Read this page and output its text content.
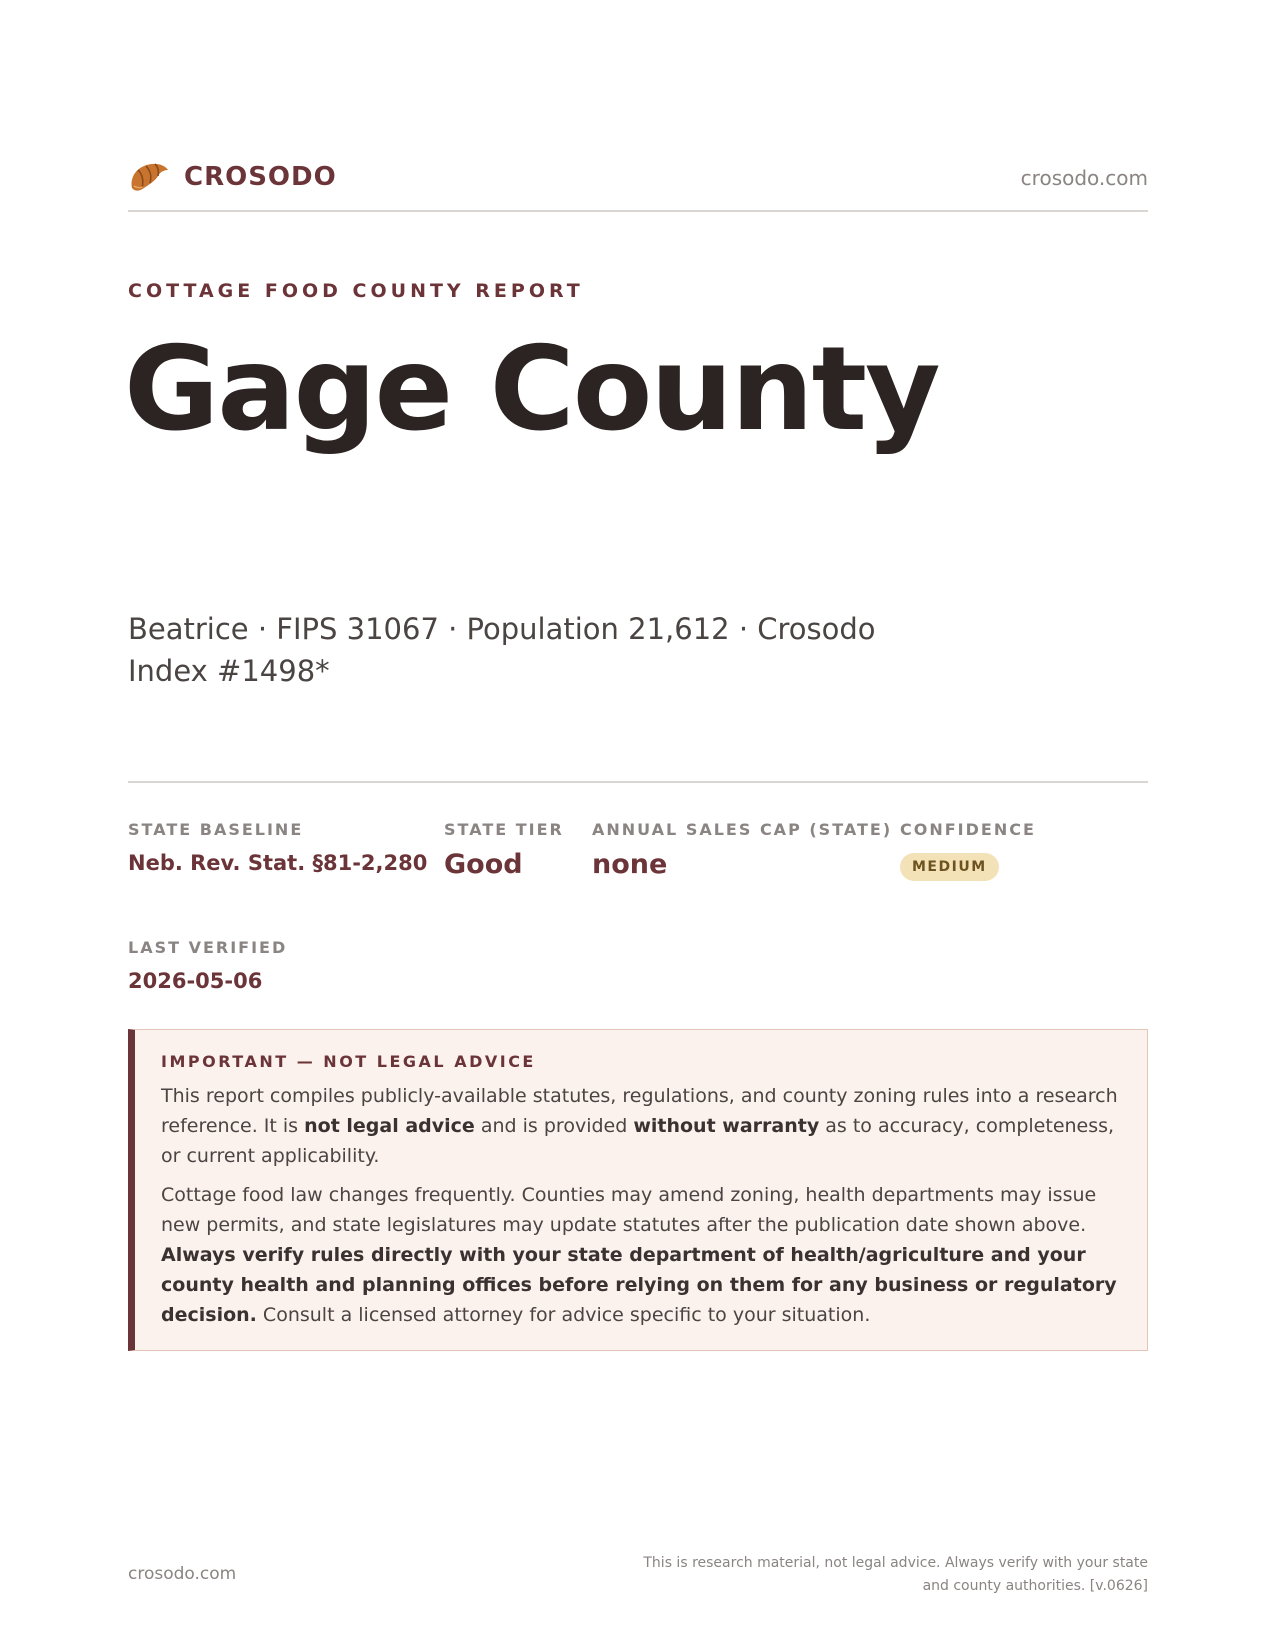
CROSODO	crosodo.com
COTTAGE FOOD COUNTY REPORT
Gage County
Beatrice · FIPS 31067 · Population 21,612 · Crosodo Index #1498*
STATE BASELINE
Neb. Rev. Stat. §81-2,280
STATE TIER
Good
ANNUAL SALES CAP (STATE)
none
CONFIDENCE
MEDIUM
LAST VERIFIED
2026-05-06
IMPORTANT — NOT LEGAL ADVICE

This report compiles publicly-available statutes, regulations, and county zoning rules into a research reference. It is not legal advice and is provided without warranty as to accuracy, completeness, or current applicability.

Cottage food law changes frequently. Counties may amend zoning, health departments may issue new permits, and state legislatures may update statutes after the publication date shown above. Always verify rules directly with your state department of health/agriculture and your county health and planning offices before relying on them for any business or regulatory decision. Consult a licensed attorney for advice specific to your situation.

crosodo.com
This is research material, not legal advice. Always verify with your state
and county authorities. [v.0626]
